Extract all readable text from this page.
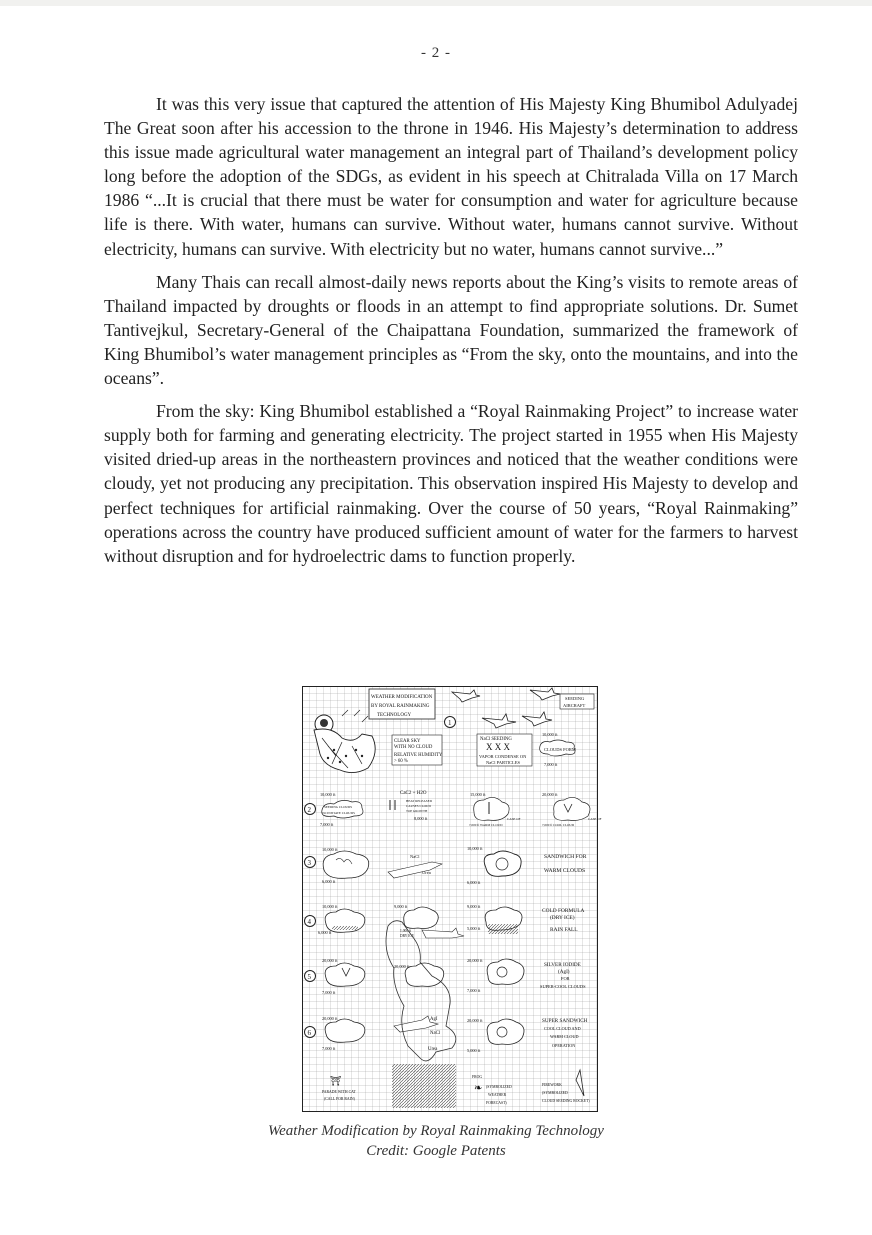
- 2 -

It was this very issue that captured the attention of His Majesty King Bhumibol Adulyadej The Great soon after his accession to the throne in 1946. His Majesty’s determination to address this issue made agricultural water management an integral part of Thailand’s development policy long before the adoption of the SDGs, as evident in his speech at Chitralada Villa on 17 March 1986 “...It is crucial that there must be water for consumption and water for agriculture because life is there. With water, humans can survive. Without water, humans cannot survive. Without electricity, humans can survive. With electricity but no water, humans cannot survive...”

Many Thais can recall almost-daily news reports about the King’s visits to remote areas of Thailand impacted by droughts or floods in an attempt to find appropriate solutions. Dr. Sumet Tantivejkul, Secretary-General of the Chaipattana Foundation, summarized the framework of King Bhumibol’s water management principles as “From the sky, onto the mountains, and into the oceans”.

From the sky: King Bhumibol established a “Royal Rainmaking Project” to increase water supply both for farming and generating electricity. The project started in 1955 when His Majesty visited dried-up areas in the northeastern provinces and noticed that the weather conditions were cloudy, yet not producing any precipitation. This observation inspired His Majesty to develop and perfect techniques for artificial rainmaking. Over the course of 50 years, “Royal Rainmaking” operations across the country have produced sufficient amount of water for the farmers to harvest without disruption and for hydroelectric dams to function properly.

WEATHER MODIFICATION
BY ROYAL RAINMAKING
TECHNOLOGY
1
CLEAR SKY
WITH NO CLOUD
RELATIVE HUMIDITY
> 60 %
NaCl SEEDING
X X X
VAPOR CONDENSE ON
NaCl PARTICLES
SEEDING
AIRCRAFT
10,000 ft
CLOUDS FORM
7,000 ft
2
10,000 ft
SEEDING CLOUDS
TO INITIATE CLOUDS
7,000 ft
CaC2 + H2O
HEAT RELEASED
CAUSES CLOUD
TOP GROWTH
8,000 ft
15,000 ft
CASE OF
7,000 ft WARM CLOUD
20,000 ft
CASE OF
7,000 ft COOL CLOUD
3
10,000 ft
6,000 ft
NaCl
Urea
10,000 ft
6,000 ft
SANDWICH FOR
WARM CLOUDS
4
10,000 ft
6,000 ft
9,000 ft
1,000 ft
DRY ICE
9,000 ft
5,000 ft
COLD FORMULA
(DRY ICE)
RAIN FALL
5
20,000 ft
7,000 ft
20,000 ft
20,000 ft
7,000 ft
SILVER IODIDE
(AgI)
FOR
SUPER-COOL CLOUDS
6
20,000 ft
7,000 ft
AgI
NaCl
Urea
20,000 ft
5,000 ft
SUPER SANDWICH
COOL CLOUD AND
WARM CLOUD
OPERATION
⛩
PARADE WITH CAT
(CALL FOR RAIN)
FROG
❧ (SYMBOLIZED
WEATHER
FORECAST)
FIREWORK
(SYMBOLIZED
CLOUD SEEDING ROCKET)
Weather Modification by Royal Rainmaking Technology
Credit: Google Patents
